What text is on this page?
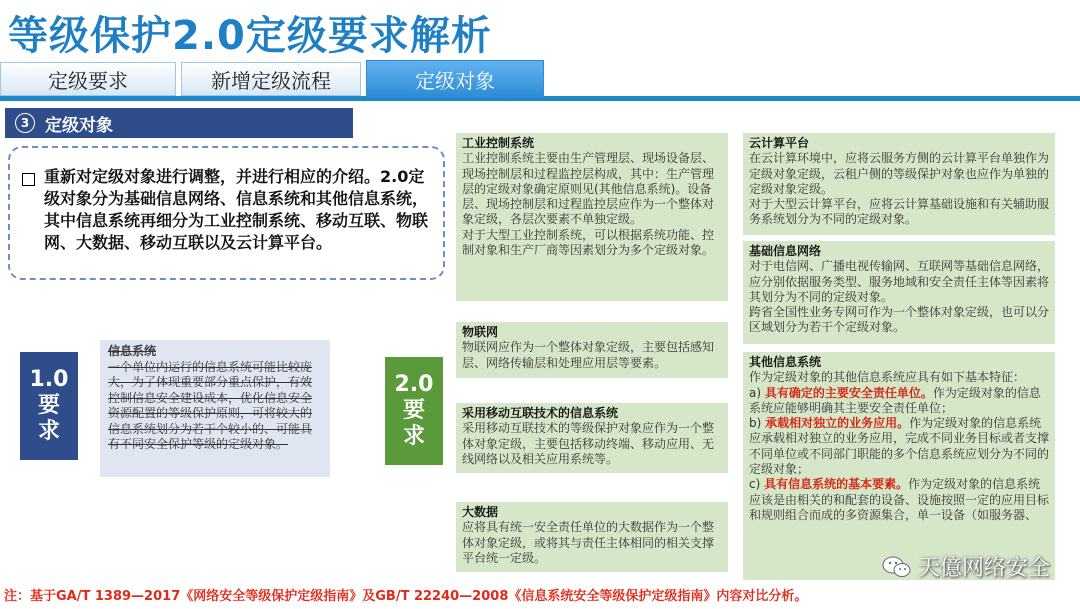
等级保护2.0定级要求解析
定级要求	新增定级流程	定级对象
3 定级对象
重新对定级对象进行调整，并进行相应的介绍。2.0定级对象分为基础信息网络、信息系统和其他信息系统，其中信息系统再细分为工业控制系统、移动互联、物联网、大数据、移动互联以及云计算平台。
1.0
要
求
信息系统
一个单位内运行的信息系统可能比较庞大，为了体现重要部分重点保护，有效控制信息安全建设成本，优化信息安全资源配置的等级保护原则，可将较大的信息系统划分为若干个较小的、可能具有不同安全保护等级的定级对象。
2.0
要
求

工业控制系统

工业控制系统主要由生产管理层、现场设备层、现场控制层和过程监控层构成，其中：生产管理层的定级对象确定原则见(其他信息系统)。设备层、现场控制层和过程监控层应作为一个整体对象定级，各层次要素不单独定级。

对于大型工业控制系统，可以根据系统功能、控制对象和生产厂商等因素划分为多个定级对象。

物联网

物联网应作为一个整体对象定级，主要包括感知层、网络传输层和处理应用层等要素。

采用移动互联技术的信息系统

采用移动互联技术的等级保护对象应作为一个整体对象定级，主要包括移动终端、移动应用、无线网络以及相关应用系统等。

大数据

应将具有统一安全责任单位的大数据作为一个整体对象定级，或将其与责任主体相同的相关支撑平台统一定级。

云计算平台

在云计算环境中，应将云服务方侧的云计算平台单独作为定级对象定级，云租户侧的等级保护对象也应作为单独的定级对象定级。

对于大型云计算平台，应将云计算基础设施和有关辅助服务系统划分为不同的定级对象。

基础信息网络

对于电信网、广播电视传输网、互联网等基础信息网络，应分别依据服务类型、服务地域和安全责任主体等因素将其划分为不同的定级对象。

跨省全国性业务专网可作为一个整体对象定级，也可以分区域划分为若干个定级对象。

其他信息系统

作为定级对象的其他信息系统应具有如下基本特征：

a) 具有确定的主要安全责任单位。作为定级对象的信息系统应能够明确其主要安全责任单位；

b) 承载相对独立的业务应用。作为定级对象的信息系统应承载相对独立的业务应用，完成不同业务目标或者支撑不同单位或不同部门职能的多个信息系统应划分为不同的定级对象；

c) 具有信息系统的基本要素。作为定级对象的信息系统应该是由相关的和配套的设备、设施按照一定的应用目标和规则组合而成的多资源集合，单一设备（如服务器、

天億网络安全
注：基于GA/T 1389—2017《网络安全等级保护定级指南》及GB/T 22240—2008《信息系统安全等级保护定级指南》内容对比分析。
